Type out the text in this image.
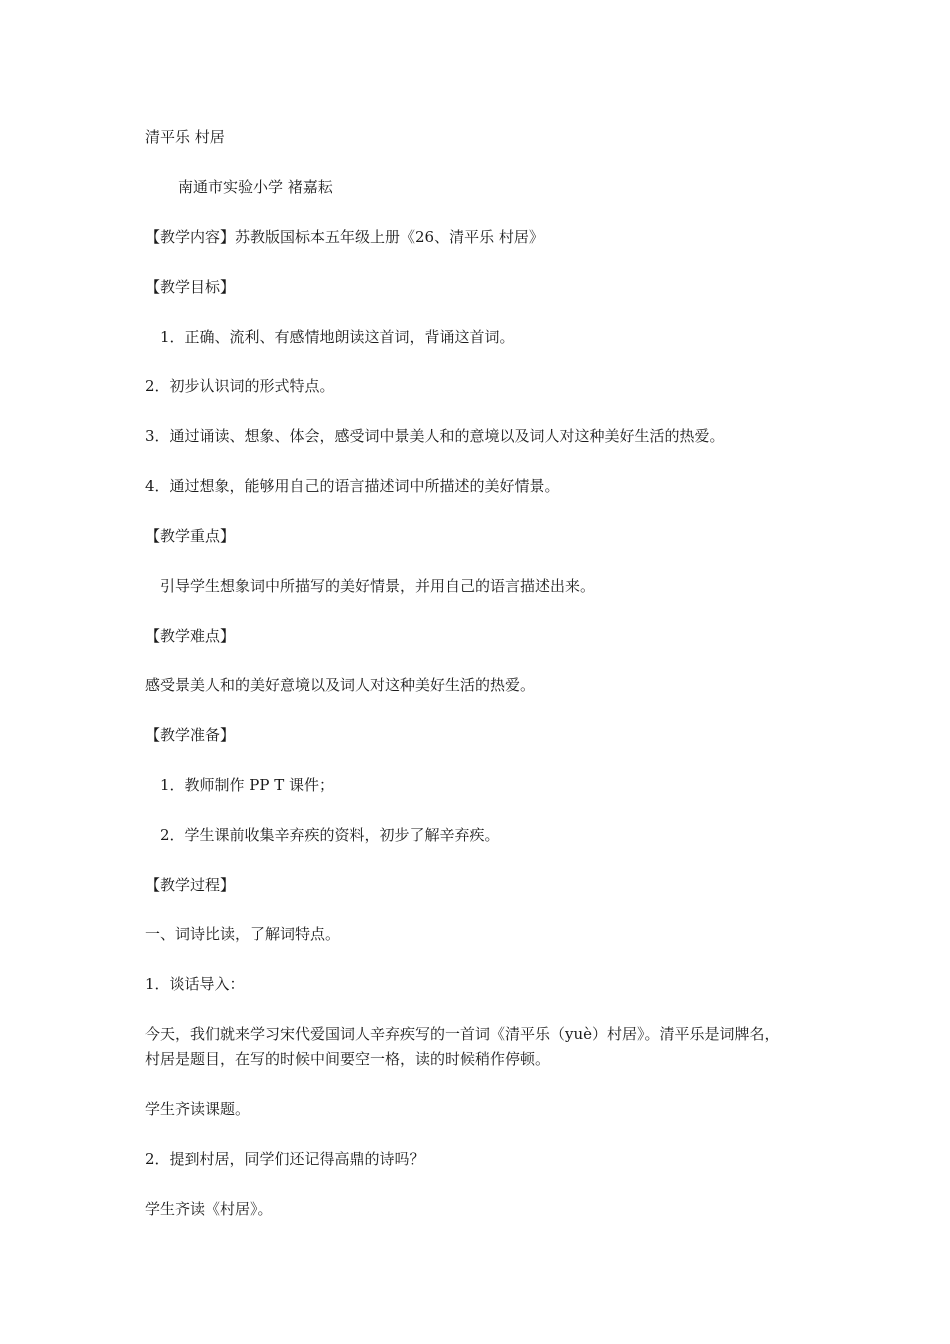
清平乐 村居
南通市实验小学 褚嘉耘
【教学内容】苏教版国标本五年级上册《26、清平乐 村居》
【教学目标】
1．正确、流利、有感情地朗读这首词，背诵这首词。
2．初步认识词的形式特点。
3．通过诵读、想象、体会，感受词中景美人和的意境以及词人对这种美好生活的热爱。
4．通过想象，能够用自己的语言描述词中所描述的美好情景。
【教学重点】
引导学生想象词中所描写的美好情景，并用自己的语言描述出来。
【教学难点】
感受景美人和的美好意境以及词人对这种美好生活的热爱。
【教学准备】
1．教师制作 PP T 课件；
2．学生课前收集辛弃疾的资料，初步了解辛弃疾。
【教学过程】
一、词诗比读，了解词特点。
1．谈话导入：
今天，我们就来学习宋代爱国词人辛弃疾写的一首词《清平乐（yuè）村居》。清平乐是词牌名，
村居是题目，在写的时候中间要空一格，读的时候稍作停顿。
学生齐读课题。
2．提到村居，同学们还记得高鼎的诗吗？
学生齐读《村居》。
